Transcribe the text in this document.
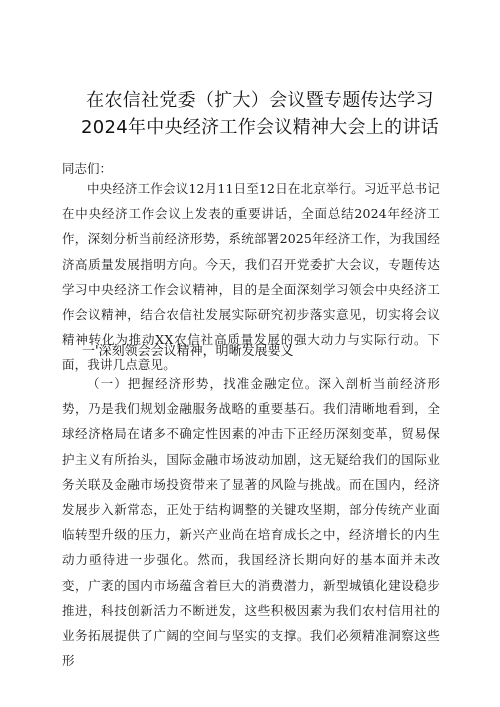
在农信社党委（扩大）会议暨专题传达学习
2024年中央经济工作会议精神大会上的讲话

同志们：

中央经济工作会议12月11日至12日在北京举行。习近平总书记在中央经济工作会议上发表的重要讲话，全面总结2024年经济工作，深刻分析当前经济形势，系统部署2025年经济工作，为我国经济高质量发展指明方向。今天，我们召开党委扩大会议，专题传达学习中央经济工作会议精神，目的是全面深刻学习领会中央经济工作会议精神，结合农信社发展实际研究初步落实意见，切实将会议精神转化为推动XX农信社高质量发展的强大动力与实际行动。下面，我讲几点意见。

一'深刻领会会议精神，明晰发展要义

（一）把握经济形势，找准金融定位。深入剖析当前经济形势，乃是我们规划金融服务战略的重要基石。我们清晰地看到，全球经济格局在诸多不确定性因素的冲击下正经历深刻变革，贸易保护主义有所抬头，国际金融市场波动加剧，这无疑给我们的国际业务关联及金融市场投资带来了显著的风险与挑战。而在国内，经济发展步入新常态，正处于结构调整的关键攻坚期，部分传统产业面临转型升级的压力，新兴产业尚在培育成长之中，经济增长的内生动力亟待进一步强化。然而，我国经济长期向好的基本面并未改变，广袤的国内市场蕴含着巨大的消费潜力，新型城镇化建设稳步推进，科技创新活力不断迸发，这些积极因素为我们农村信用社的业务拓展提供了广阔的空间与坚实的支撑。我们必须精准洞察这些形
